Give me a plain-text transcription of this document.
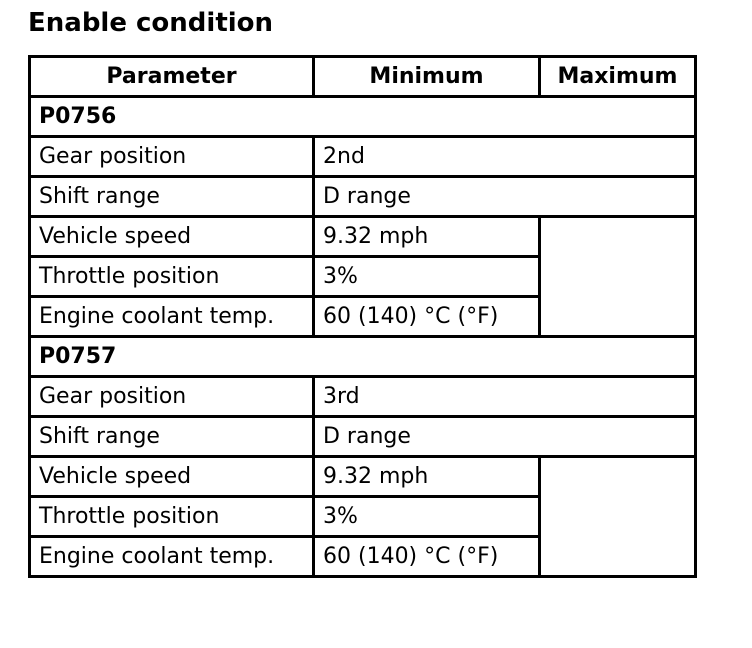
Enable condition
Parameter	Minimum	Maximum
P0756		
Gear position	2nd	
Shift range	D range	
Vehicle speed	9.32 mph	
Throttle position	3%	
Engine coolant temp.	60 (140) °C (°F)	
P0757		
Gear position	3rd	
Shift range	D range	
Vehicle speed	9.32 mph	
Throttle position	3%	
Engine coolant temp.	60 (140) °C (°F)	
